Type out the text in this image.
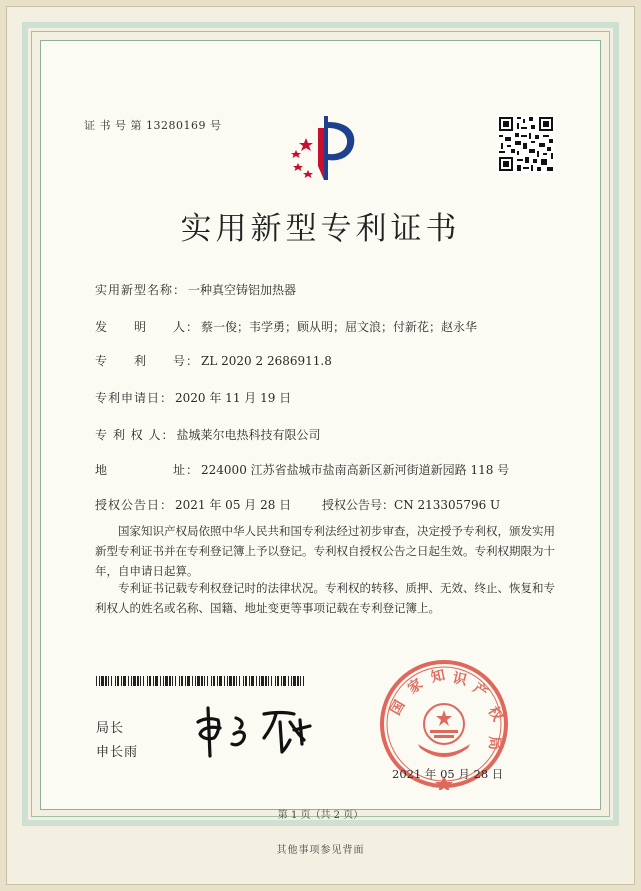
证 书 号 第 13280169 号
实用新型专利证书
实用新型名称： 一种真空铸铝加热器
发　　明　　人： 蔡一俊；韦学勇；顾从明；屈文浪；付新花；赵永华
专　　利　　号： ZL 2020 2 2686911.8
专利申请日： 2020 年 11 月 19 日
专 利 权 人： 盐城莱尔电热科技有限公司
地　　　　　址： 224000 江苏省盐城市盐南高新区新河街道新园路 118 号
授权公告日： 2021 年 05 月 28 日	授权公告号：CN 213305796 U
国家知识产权局依照中华人民共和国专利法经过初步审查，决定授予专利权，颁发实用新型专利证书并在专利登记簿上予以登记。专利权自授权公告之日起生效。专利权期限为十年，自申请日起算。
专利证书记载专利权登记时的法律状况。专利权的转移、质押、无效、终止、恢复和专利权人的姓名或名称、国籍、地址变更等事项记载在专利登记簿上。
局长
申长雨
国
家 知 识
产
权
局
2021 年 05 月 28 日
第 1 页（共 2 页）
其他事项参见背面
